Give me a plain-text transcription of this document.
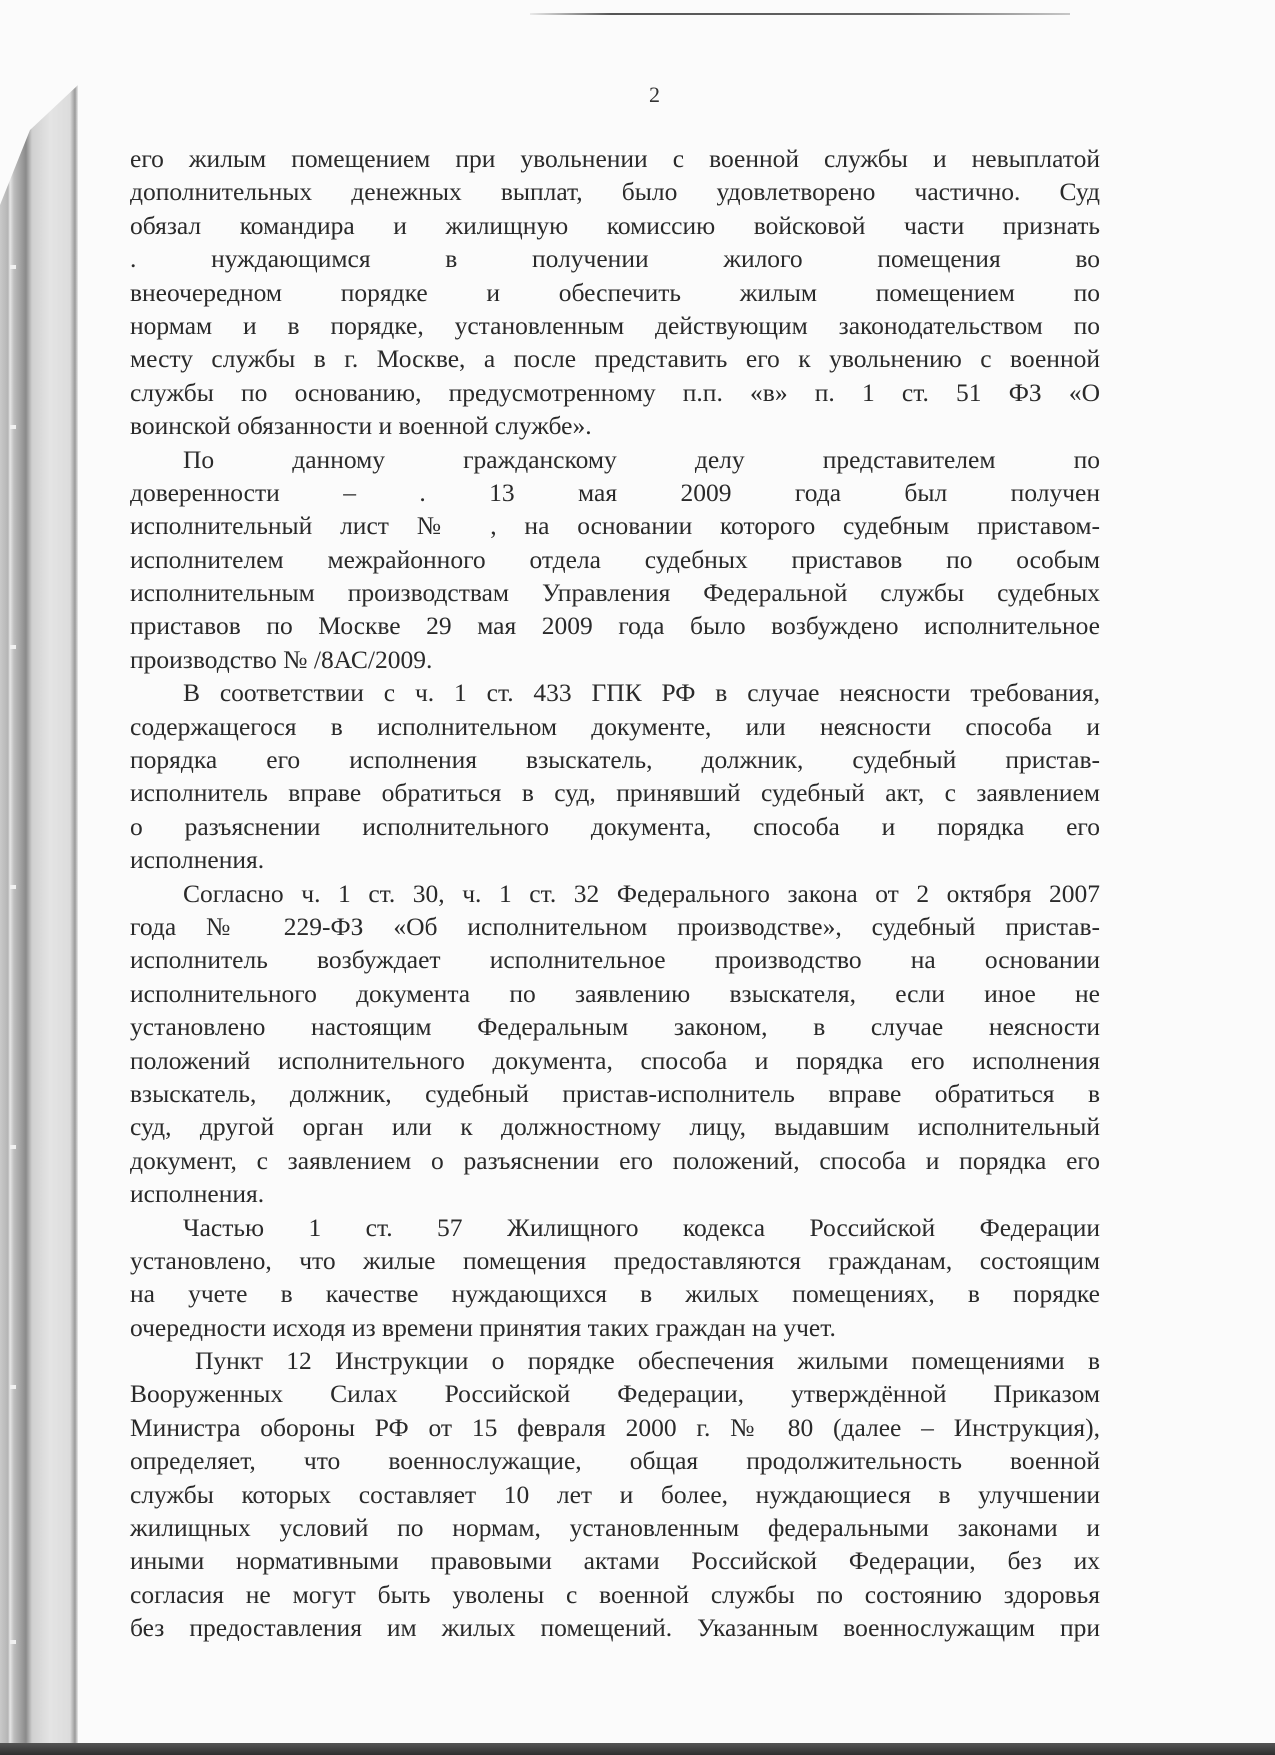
2
его жилым помещением при увольнении с военной службы и невыплатой
дополнительных денежных выплат, было удовлетворено частично. Суд
обязал командира и жилищную комиссию войсковой части признать
. нуждающимся в получении жилого помещения во
внеочередном порядке и обеспечить жилым помещением по
нормам и в порядке, установленным действующим законодательством по
месту службы в г. Москве, а после представить его к увольнению с военной
службы по основанию, предусмотренному п.п. «в» п. 1 ст. 51 ФЗ «О
воинской обязанности и военной службе».
По данному гражданскому делу представителем по
доверенности – . 13 мая 2009 года был получен
исполнительный лист № , на основании которого судебным приставом-
исполнителем межрайонного отдела судебных приставов по особым
исполнительным производствам Управления Федеральной службы судебных
приставов по Москве 29 мая 2009 года было возбуждено исполнительное
производство № /8АС/2009.
В соответствии с ч. 1 ст. 433 ГПК РФ в случае неясности требования,
содержащегося в исполнительном документе, или неясности способа и
порядка его исполнения взыскатель, должник, судебный пристав-
исполнитель вправе обратиться в суд, принявший судебный акт, с заявлением
о разъяснении исполнительного документа, способа и порядка его
исполнения.
Согласно ч. 1 ст. 30, ч. 1 ст. 32 Федерального закона от 2 октября 2007
года № 229-ФЗ «Об исполнительном производстве», судебный пристав-
исполнитель возбуждает исполнительное производство на основании
исполнительного документа по заявлению взыскателя, если иное не
установлено настоящим Федеральным законом, в случае неясности
положений исполнительного документа, способа и порядка его исполнения
взыскатель, должник, судебный пристав-исполнитель вправе обратиться в
суд, другой орган или к должностному лицу, выдавшим исполнительный
документ, с заявлением о разъяснении его положений, способа и порядка его
исполнения.
Частью 1 ст. 57 Жилищного кодекса Российской Федерации
установлено, что жилые помещения предоставляются гражданам, состоящим
на учете в качестве нуждающихся в жилых помещениях, в порядке
очередности исходя из времени принятия таких граждан на учет.
Пункт 12 Инструкции о порядке обеспечения жилыми помещениями в
Вооруженных Силах Российской Федерации, утверждённой Приказом
Министра обороны РФ от 15 февраля 2000 г. № 80 (далее – Инструкция),
определяет, что военнослужащие, общая продолжительность военной
службы которых составляет 10 лет и более, нуждающиеся в улучшении
жилищных условий по нормам, установленным федеральными законами и
иными нормативными правовыми актами Российской Федерации, без их
согласия не могут быть уволены с военной службы по состоянию здоровья
без предоставления им жилых помещений. Указанным военнослужащим при
